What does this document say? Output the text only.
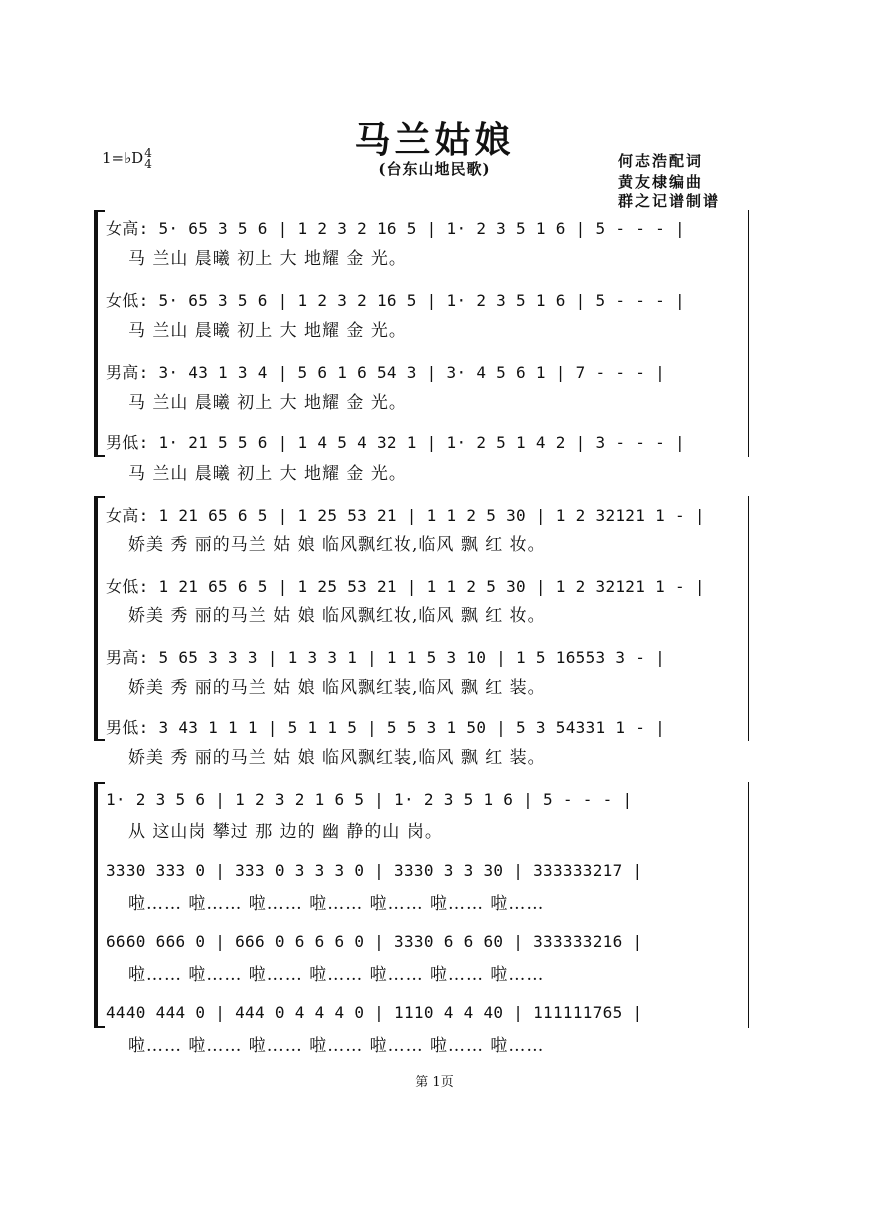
1=♭D4
4
马兰姑娘
(台东山地民歌)	何志浩配词
黄友棣编曲
群之记谱制谱
女高: 5· 65 3 5 6 | 1 2 3 2 16 5 | 1· 2 3 5 1 6 | 5 - - - |
马 兰山 晨曦 初上 大 地耀 金 光。
女低: 5· 65 3 5 6 | 1 2 3 2 16 5 | 1· 2 3 5 1 6 | 5 - - - |
马 兰山 晨曦 初上 大 地耀 金 光。
男高: 3· 43 1 3 4 | 5 6 1 6 54 3 | 3· 4 5 6 1 | 7 - - - |
马 兰山 晨曦 初上 大 地耀 金 光。
男低: 1· 21 5 5 6 | 1 4 5 4 32 1 | 1· 2 5 1 4 2 | 3 - - - |
马 兰山 晨曦 初上 大 地耀 金 光。
女高: 1 21 65 6 5 | 1 25 53 21 | 1 1 2 5 30 | 1 2 32121 1 - |
娇美 秀 丽的马兰 姑 娘 临风飘红妆,临风 飘 红 妆。
女低: 1 21 65 6 5 | 1 25 53 21 | 1 1 2 5 30 | 1 2 32121 1 - |
娇美 秀 丽的马兰 姑 娘 临风飘红妆,临风 飘 红 妆。
男高: 5 65 3 3 3 | 1 3 3 1 | 1 1 5 3 10 | 1 5 16553 3 - |
娇美 秀 丽的马兰 姑 娘 临风飘红装,临风 飘 红 装。
男低: 3 43 1 1 1 | 5 1 1 5 | 5 5 3 1 50 | 5 3 54331 1 - |
娇美 秀 丽的马兰 姑 娘 临风飘红装,临风 飘 红 装。
1· 2 3 5 6 | 1 2 3 2 1 6 5 | 1· 2 3 5 1 6 | 5 - - - |
从 这山岗 攀过 那 边的 幽 静的山 岗。
3330 333 0 | 333 0 3 3 3 0 | 3330 3 3 30 | 333333217 |
啦…… 啦…… 啦…… 啦…… 啦…… 啦…… 啦……
6660 666 0 | 666 0 6 6 6 0 | 3330 6 6 60 | 333333216 |
啦…… 啦…… 啦…… 啦…… 啦…… 啦…… 啦……
4440 444 0 | 444 0 4 4 4 0 | 1110 4 4 40 | 111111765 |
啦…… 啦…… 啦…… 啦…… 啦…… 啦…… 啦……
第 1页
